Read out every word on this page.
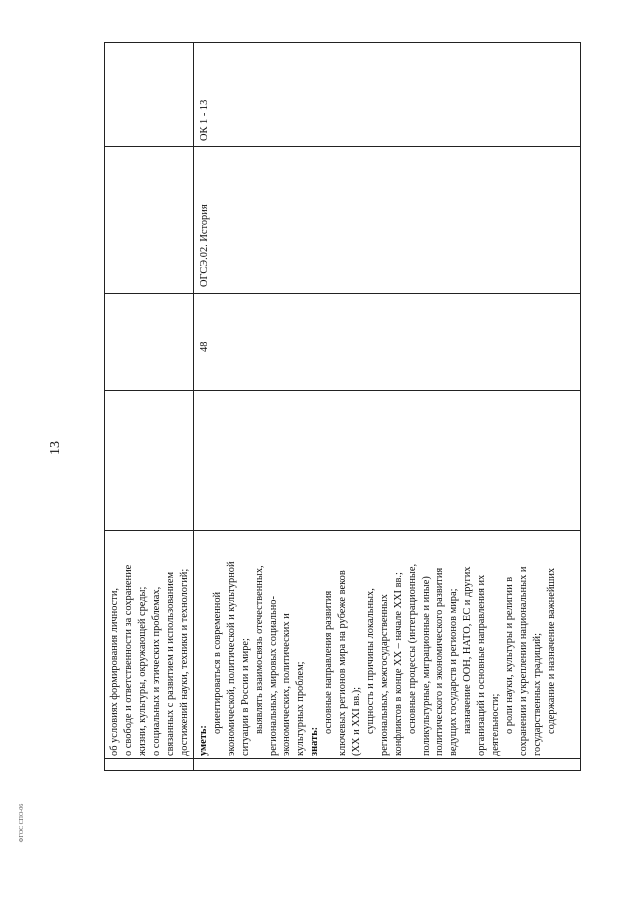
13
ФГОС СПО-06
об условиях формирования личности, о свободе и ответственности за сохранение жизни, культуры, окружающей среды; о социальных и этических проблемах, связанных с развитием и использованием достижений науки, техники и технологий; уметь:
ориентироваться в современной экономической, политической и культурной ситуации в России и мире; выявлять взаимосвязь отечественных, региональных, мировых социально- экономических, политических и культурных проблем; знать:
основные направления развития ключевых регионов мира на рубеже веков (XX и XXI вв.); сущность и причины локальных, региональных, межгосударственных конфликтов в конце XX – начале XXI вв.; основные процессы (интеграционные, поликультурные, миграционные и иные) политического и экономического развития ведущих государств и регионов мира; назначение ООН, НАТО, ЕС и других организаций и основные направления их деятельности; о роли науки, культуры и религии в сохранении и укреплении национальных и государственных традиций; содержание и назначение важнейших
48
ОГСЭ.02. История
ОК 1 - 13
